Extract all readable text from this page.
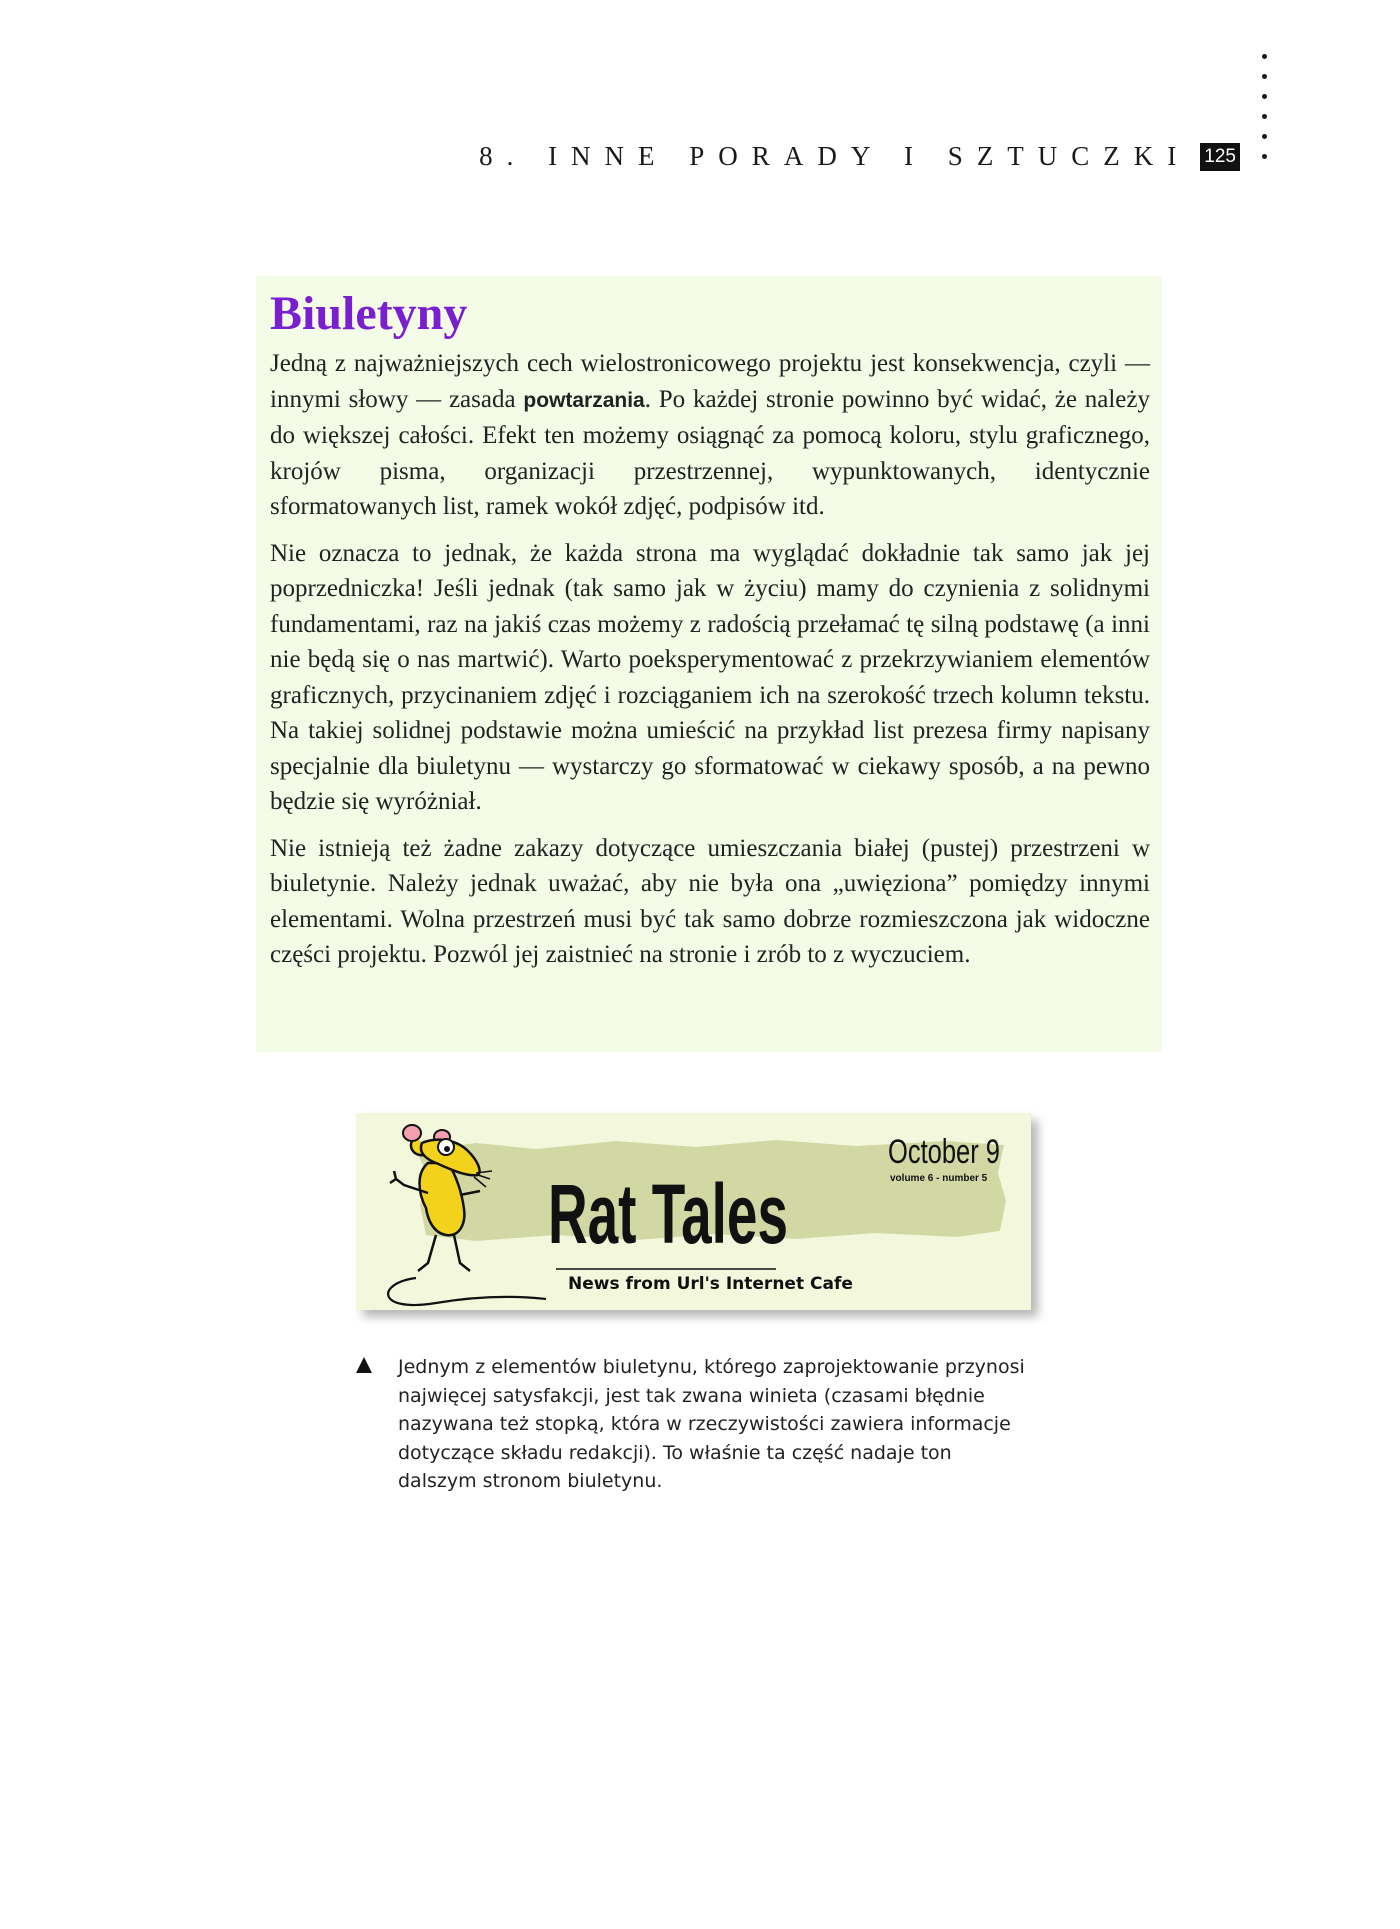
8. INNE PORADY I SZTUCZKI 125
Biuletyny

Jedną z najważniejszych cech wielostronicowego projektu jest konsekwencja, czyli — innymi słowy — zasada powtarzania. Po każdej stronie powinno być widać, że należy do większej całości. Efekt ten możemy osiągnąć za pomocą koloru, stylu graficznego, krojów pisma, organizacji przestrzennej, wypunktowanych, identycznie sformatowanych list, ramek wokół zdjęć, podpisów itd.

Nie oznacza to jednak, że każda strona ma wyglądać dokładnie tak samo jak jej poprzedniczka! Jeśli jednak (tak samo jak w życiu) mamy do czynienia z solidnymi fundamentami, raz na jakiś czas możemy z radością przełamać tę silną podstawę (a inni nie będą się o nas martwić). Warto poeksperymentować z przekrzywianiem elementów graficznych, przycinaniem zdjęć i rozciąganiem ich na szerokość trzech kolumn tekstu. Na takiej solidnej podstawie można umieścić na przykład list prezesa firmy napisany specjalnie dla biuletynu — wystarczy go sformatować w ciekawy sposób, a na pewno będzie się wyróżniał.

Nie istnieją też żadne zakazy dotyczące umieszczania białej (pustej) przestrzeni w biuletynie. Należy jednak uważać, aby nie była ona „uwięziona” pomiędzy innymi elementami. Wolna przestrzeń musi być tak samo dobrze rozmieszczona jak widoczne części projektu. Pozwól jej zaistnieć na stronie i zrób to z wyczuciem.

Rat Tales
News from Url's Internet Cafe
October 9
volume 6 - number 5
Jednym z elementów biuletynu, którego zaprojektowanie przynosi najwięcej satysfakcji, jest tak zwana winieta (czasami błędnie nazywana też stopką, która w rzeczywistości zawiera informacje dotyczące składu redakcji). To właśnie ta część nadaje ton dalszym stronom biuletynu.
